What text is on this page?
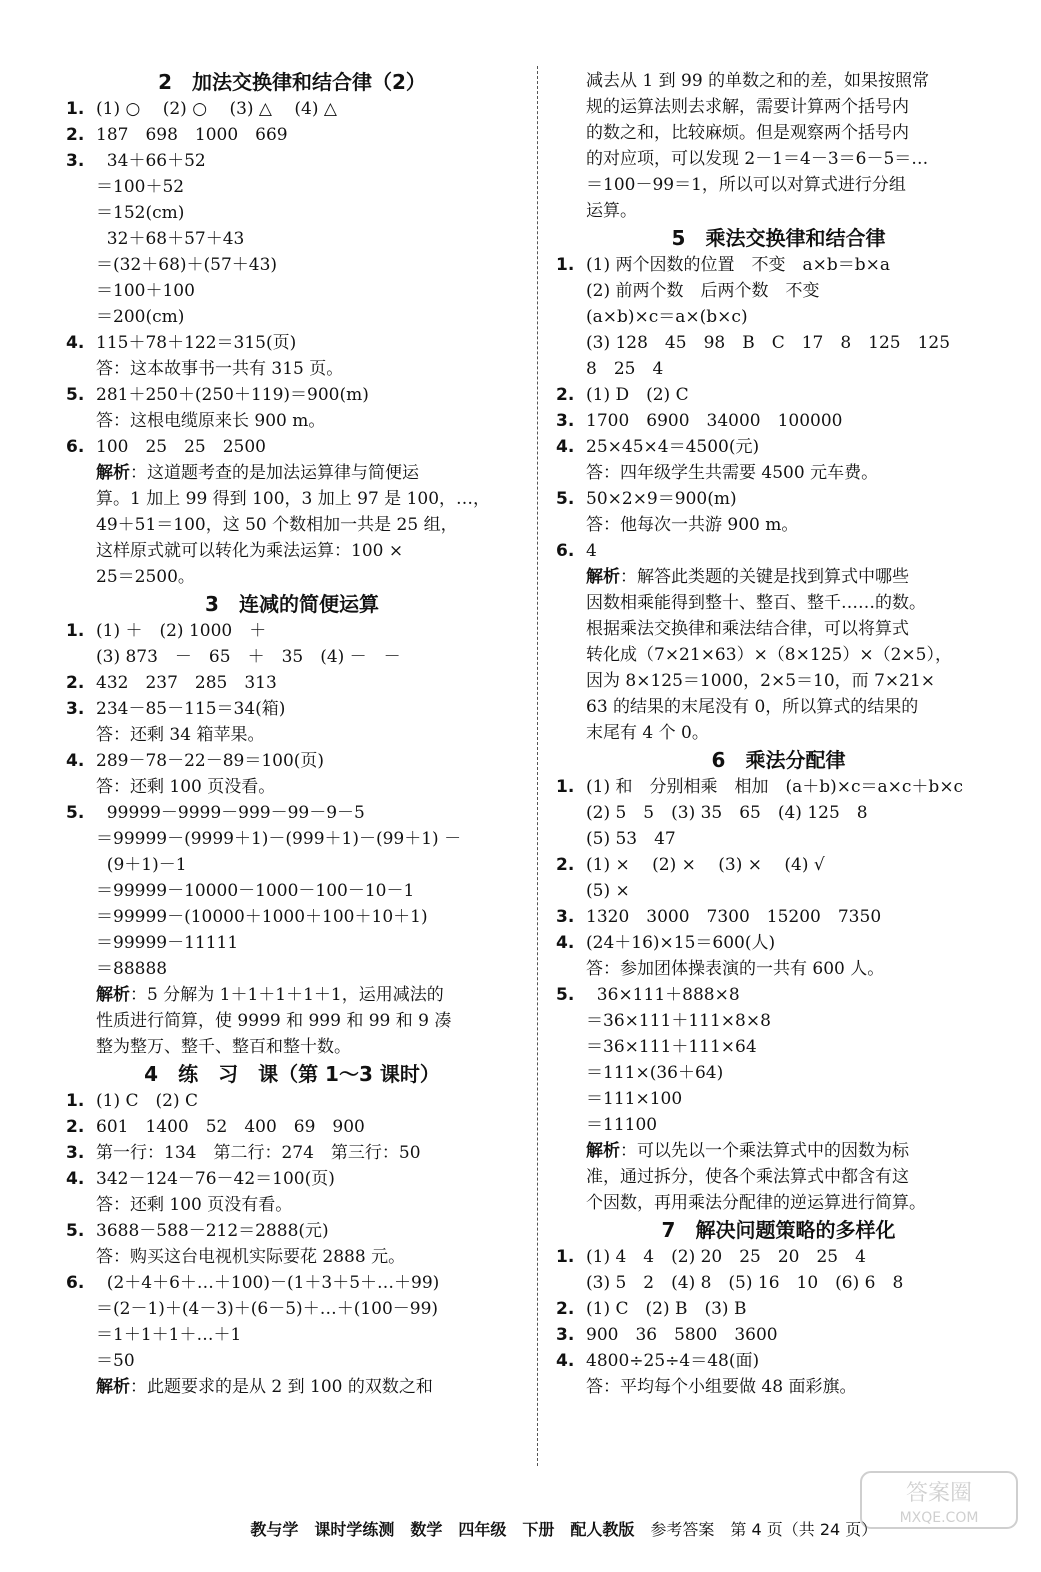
2　加法交换律和结合律（2）
1. (1) ○　 (2) ○　 (3) △　 (4) △
2. 187　698　1000　669
3.  34＋66＋52
＝100＋52
＝152(cm)
32＋68＋57＋43
＝(32＋68)＋(57＋43)
＝100＋100
＝200(cm)
4. 115＋78＋122＝315(页)
答：这本故事书一共有 315 页。
5. 281＋250＋(250＋119)＝900(m)
答：这根电缆原来长 900 m。
6. 100　25　25　2500
解析：这道题考查的是加法运算律与简便运
算。1 加上 99 得到 100，3 加上 97 是 100，…，
49＋51＝100，这 50 个数相加一共是 25 组，
这样原式就可以转化为乘法运算：100 ×
25＝2500。
3　连减的简便运算
1. (1) ＋　(2) 1000　＋
(3) 873　－　65　＋　35　(4) －　－
2. 432　237　285　313
3. 234－85－115＝34(箱)
答：还剩 34 箱苹果。
4. 289－78－22－89＝100(页)
答：还剩 100 页没看。
5.  99999－9999－999－99－9－5
＝99999－(9999＋1)－(999＋1)－(99＋1) －
(9＋1)－1
＝99999－10000－1000－100－10－1
＝99999－(10000＋1000＋100＋10＋1)
＝99999－11111
＝88888
解析：5 分解为 1＋1＋1＋1＋1，运用减法的
性质进行简算，使 9999 和 999 和 99 和 9 凑
整为整万、整千、整百和整十数。
4　练　习　课（第 1～3 课时）
1. (1) C　(2) C
2. 601　1400　52　400　69　900
3. 第一行：134　第二行：274　第三行：50
4. 342－124－76－42＝100(页)
答：还剩 100 页没有看。
5. 3688－588－212＝2888(元)
答：购买这台电视机实际要花 2888 元。
6.  (2＋4＋6＋…＋100)－(1＋3＋5＋…＋99)
＝(2－1)＋(4－3)＋(6－5)＋…＋(100－99)
＝1＋1＋1＋…＋1
＝50
解析：此题要求的是从 2 到 100 的双数之和
减去从 1 到 99 的单数之和的差，如果按照常
规的运算法则去求解，需要计算两个括号内
的数之和，比较麻烦。但是观察两个括号内
的对应项，可以发现 2－1＝4－3＝6－5＝…
＝100－99＝1，所以可以对算式进行分组
运算。
5　乘法交换律和结合律
1. (1) 两个因数的位置　不变　a×b＝b×a
(2) 前两个数　后两个数　不变
(a×b)×c＝a×(b×c)
(3) 128　45　98　B　C　17　8　125　125
8　25　4
2. (1) D　(2) C
3. 1700　6900　34000　100000
4. 25×45×4＝4500(元)
答：四年级学生共需要 4500 元车费。
5. 50×2×9＝900(m)
答：他每次一共游 900 m。
6. 4
解析：解答此类题的关键是找到算式中哪些
因数相乘能得到整十、整百、整千……的数。
根据乘法交换律和乘法结合律，可以将算式
转化成（7×21×63）×（8×125）×（2×5），
因为 8×125＝1000，2×5＝10，而 7×21×
63 的结果的末尾没有 0，所以算式的结果的
末尾有 4 个 0。
6　乘法分配律
1. (1) 和　分别相乘　相加　(a＋b)×c＝a×c＋b×c
(2) 5　5　(3) 35　65　(4) 125　8
(5) 53　47
2. (1) ×　 (2) ×　 (3) ×　 (4) √
(5) ×
3. 1320　3000　7300　15200　7350
4. (24＋16)×15＝600(人)
答：参加团体操表演的一共有 600 人。
5.  36×111＋888×8
＝36×111＋111×8×8
＝36×111＋111×64
＝111×(36＋64)
＝111×100
＝11100
解析：可以先以一个乘法算式中的因数为标
准，通过拆分，使各个乘法算式中都含有这
个因数，再用乘法分配律的逆运算进行简算。
7　解决问题策略的多样化
1. (1) 4　4　(2) 20　25　20　25　4
(3) 5　2　(4) 8　(5) 16　10　(6) 6　8
2. (1) C　(2) B　(3) B
3. 900　36　5800　3600
4. 4800÷25÷4＝48(面)
答：平均每个小组要做 48 面彩旗。

教与学　课时学练测　数学　四年级　下册　配人教版　 参考答案　 第 4 页（共 24 页）

答案圈
MXQE.COM
